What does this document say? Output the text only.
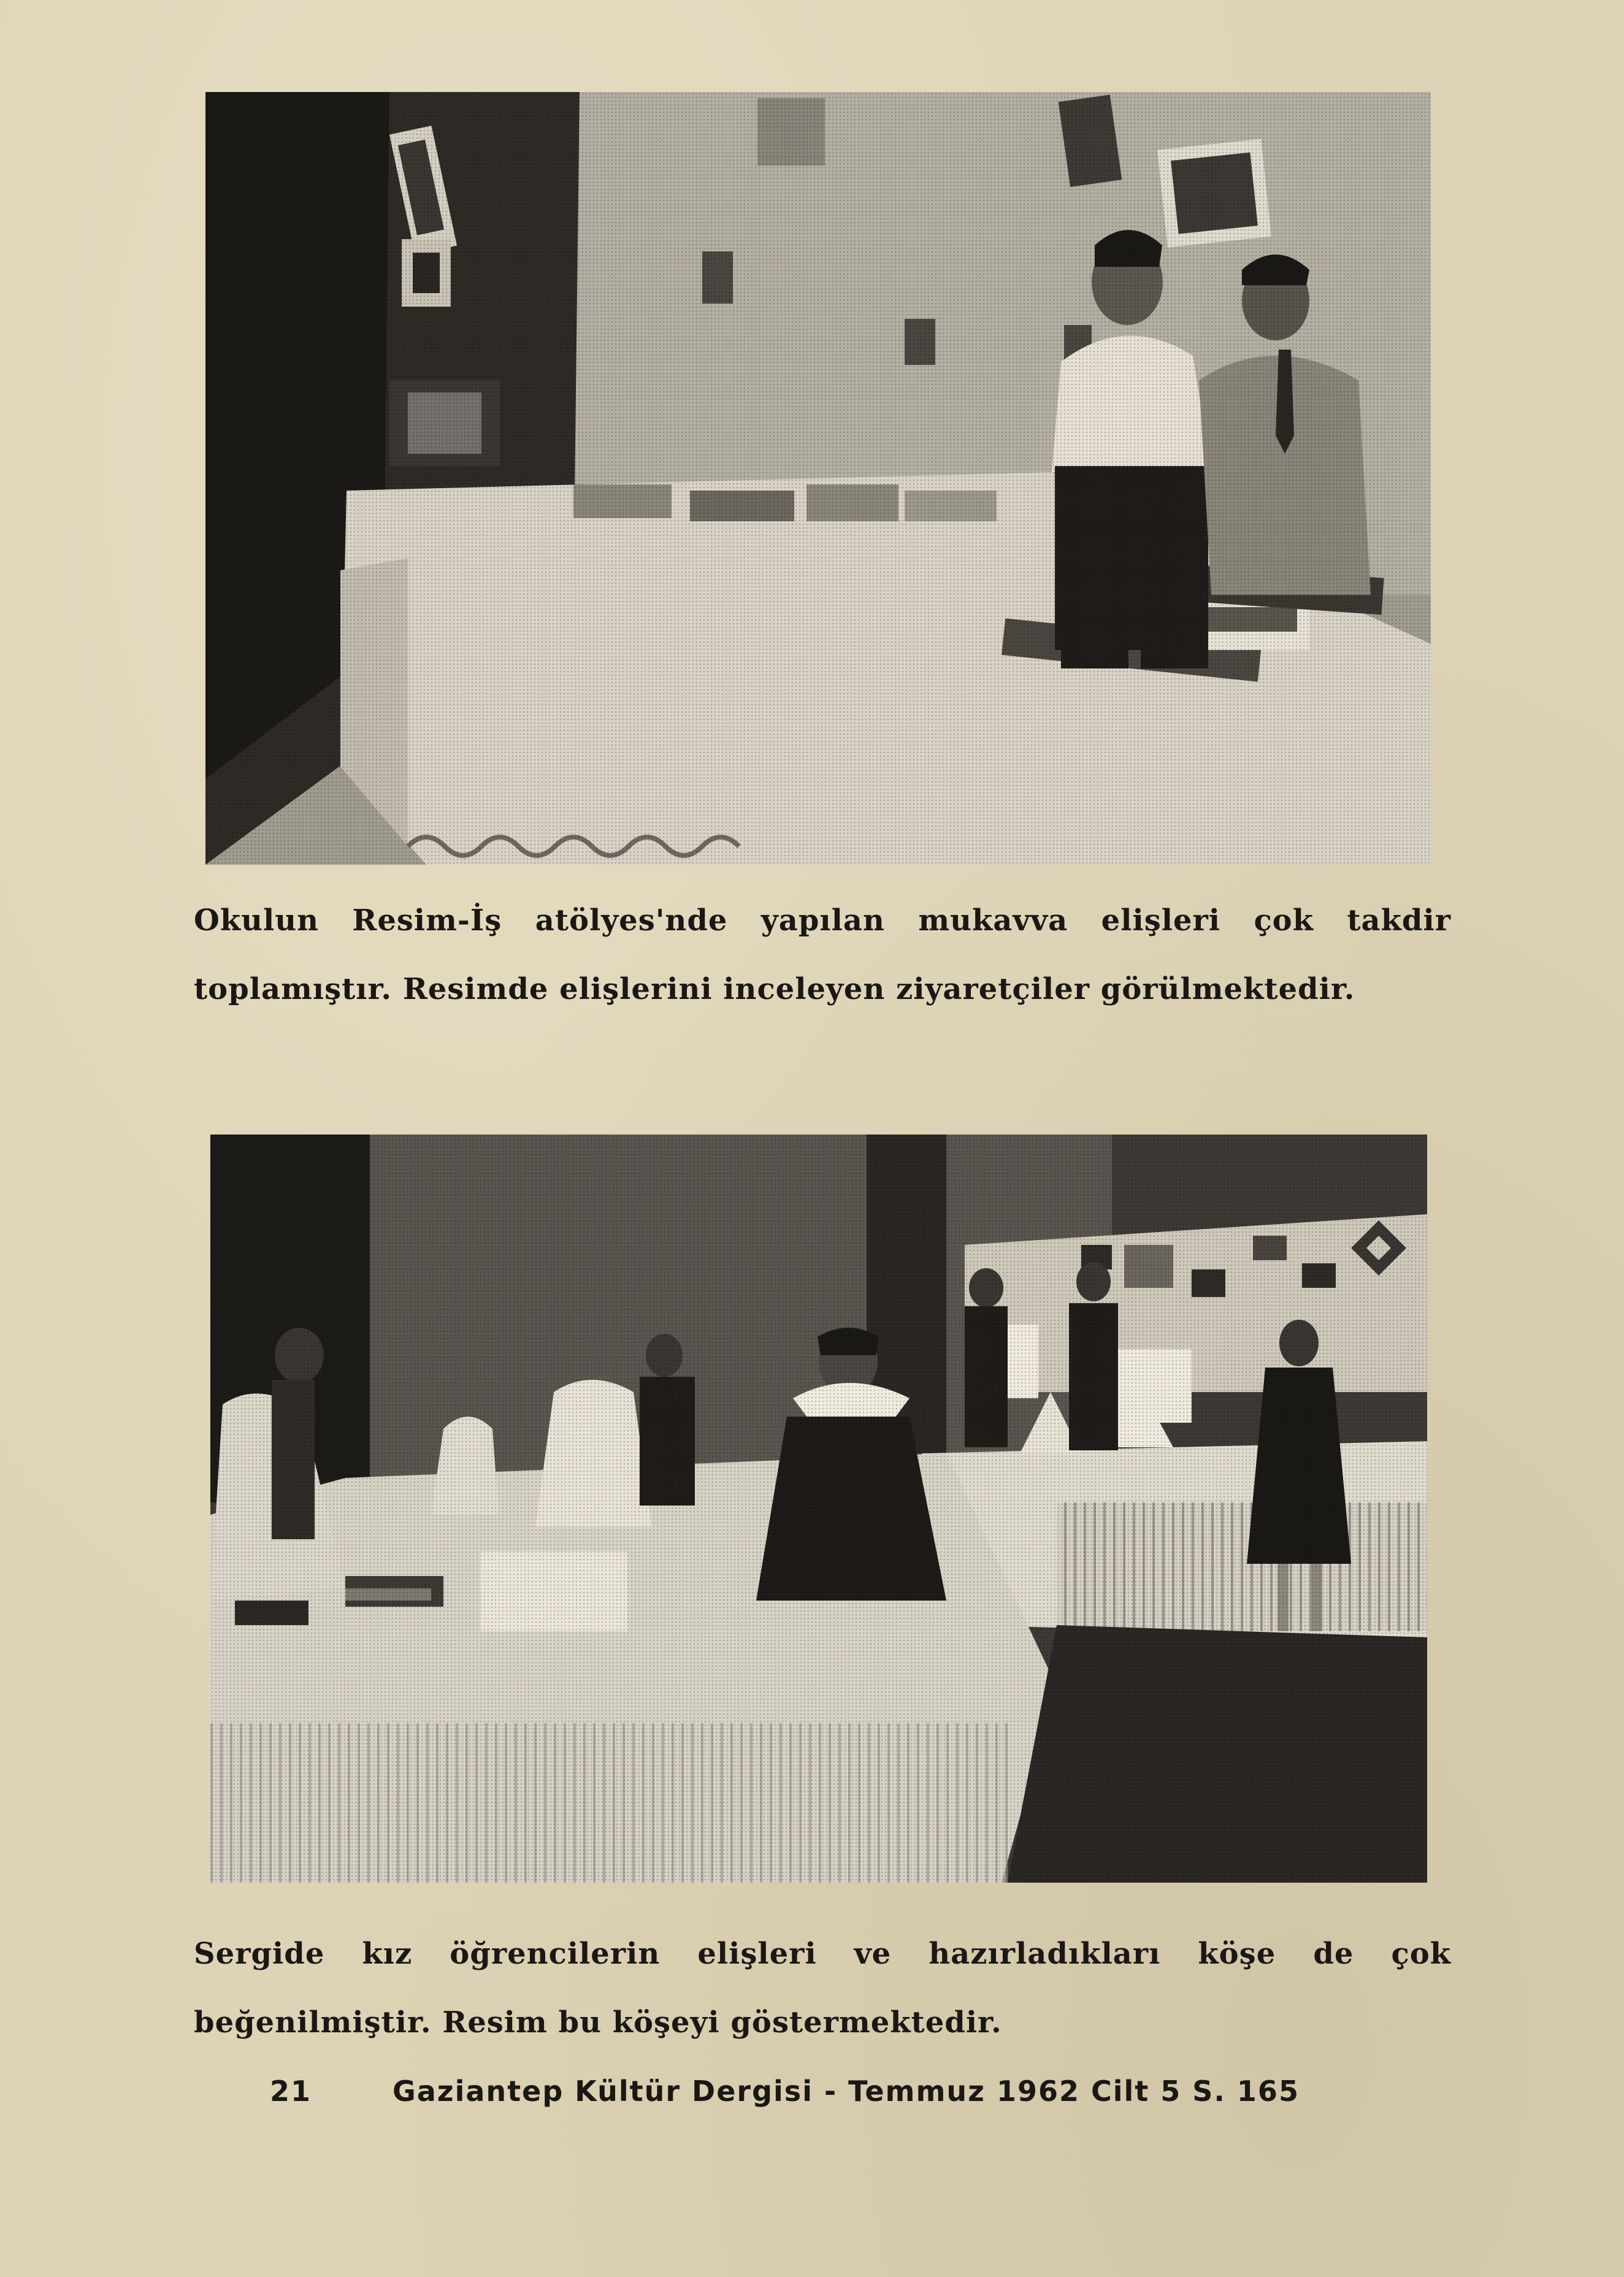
Okulun Resim-İş atölyes'nde yapılan mukavva elişleri çok takdir toplamıştır. Resimde elişlerini inceleyen ziyaretçiler görülmektedir.
Sergide kız öğrencilerin elişleri ve hazırladıkları köşe de çok beğenilmiştir. Resim bu köşeyi göstermektedir.
21	Gaziantep Kültür Dergisi - Temmuz 1962 Cilt 5 S. 165
